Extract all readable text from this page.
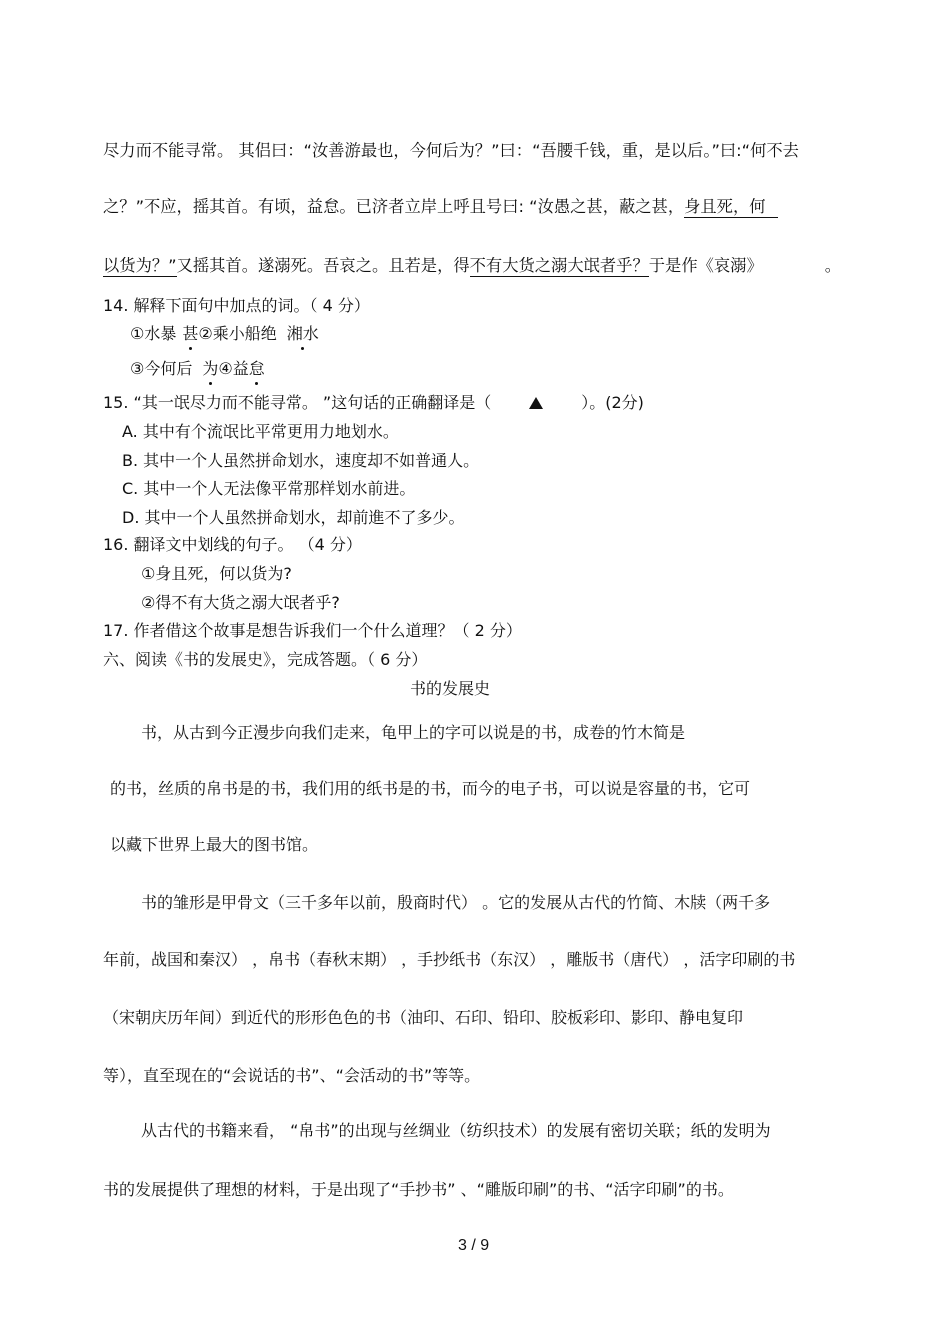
尽力而不能寻常。 其侣曰：“汝善游最也，今何后为？”曰：“吾腰千钱，重，是以后。”曰:“何不去
之？”不应，摇其首。有顷，益怠。已济者立岸上呼且号曰: “汝愚之甚，蔽之甚，身且死，何
以货为？”又摇其首。遂溺死。吾哀之。且若是，得不有大货之溺大氓者乎？于是作《哀溺》	。
14. 解释下面句中加点的词。（ 4 分）
①水暴 甚②乘小船绝 湘水
③今何后 为④益怠
15. “其一氓尽力而不能寻常。 ”这句话的正确翻译是（	）。(2分)
A. 其中有个流氓比平常更用力地划水。
B. 其中一个人虽然拼命划水，速度却不如普通人。
C. 其中一个人无法像平常那样划水前进。
D. 其中一个人虽然拼命划水，却前進不了多少。
16. 翻译文中划线的句子。 （4 分）
①身且死，何以货为?
②得不有大货之溺大氓者乎?
17. 作者借这个故事是想告诉我们一个什么道理？（ 2 分）
六、阅读《书的发展史》，完成答题。（ 6 分）
书的发展史
书，从古到今正漫步向我们走来，龟甲上的字可以说是的书，成卷的竹木简是
的书，丝质的帛书是的书，我们用的纸书是的书，而今的电子书，可以说是容量的书，它可
以藏下世界上最大的图书馆。
书的雏形是甲骨文（三千多年以前，殷商时代） 。它的发展从古代的竹简、木牍（两千多
年前，战国和秦汉） ，帛书（春秋末期） ，手抄纸书（东汉） ，雕版书（唐代） ，活字印刷的书
（宋朝庆历年间）到近代的形形色色的书（油印、石印、铅印、胶板彩印、影印、静电复印
等），直至现在的“会说话的书”、“会活动的书”等等。
从古代的书籍来看， “帛书”的出现与丝绸业（纺织技术）的发展有密切关联；纸的发明为
书的发展提供了理想的材料，于是出现了“手抄书” 、“雕版印刷”的书、“活字印刷”的书。
3 / 9
